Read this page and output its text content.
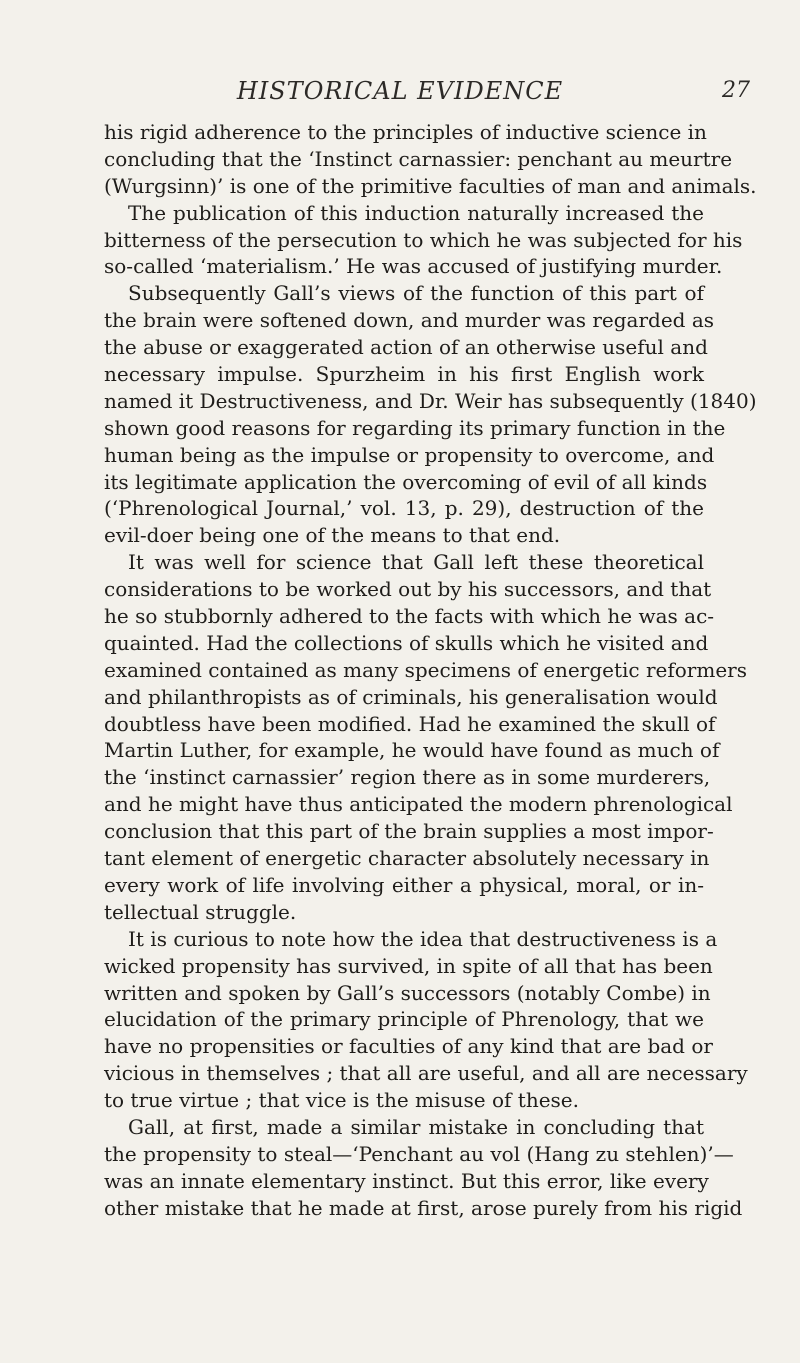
HISTORICAL EVIDENCE	27
his rigid adherence to the principles of inductive science in
concluding that the ‘Instinct carnassier: penchant au meurtre
(Wurgsinn)’ is one of the primitive faculties of man and animals.
The publication of this induction naturally increased the
bitterness of the persecution to which he was subjected for his
so-called ‘materialism.’ He was accused of justifying murder.
Subsequently Gall’s views of the function of this part of
the brain were softened down, and murder was regarded as
the abuse or exaggerated action of an otherwise useful and
necessary impulse. Spurzheim in his first English work
named it Destructiveness, and Dr. Weir has subsequently (1840)
shown good reasons for regarding its primary function in the
human being as the impulse or propensity to overcome, and
its legitimate application the overcoming of evil of all kinds
(‘Phrenological Journal,’ vol. 13, p. 29), destruction of the
evil-doer being one of the means to that end.
It was well for science that Gall left these theoretical
considerations to be worked out by his successors, and that
he so stubbornly adhered to the facts with which he was ac-
quainted. Had the collections of skulls which he visited and
examined contained as many specimens of energetic reformers
and philanthropists as of criminals, his generalisation would
doubtless have been modified. Had he examined the skull of
Martin Luther, for example, he would have found as much of
the ‘instinct carnassier’ region there as in some murderers,
and he might have thus anticipated the modern phrenological
conclusion that this part of the brain supplies a most impor-
tant element of energetic character absolutely necessary in
every work of life involving either a physical, moral, or in-
tellectual struggle.
It is curious to note how the idea that destructiveness is a
wicked propensity has survived, in spite of all that has been
written and spoken by Gall’s successors (notably Combe) in
elucidation of the primary principle of Phrenology, that we
have no propensities or faculties of any kind that are bad or
vicious in themselves ; that all are useful, and all are necessary
to true virtue ; that vice is the misuse of these.
Gall, at first, made a similar mistake in concluding that
the propensity to steal—‘Penchant au vol (Hang zu stehlen)’—
was an innate elementary instinct. But this error, like every
other mistake that he made at first, arose purely from his rigid
